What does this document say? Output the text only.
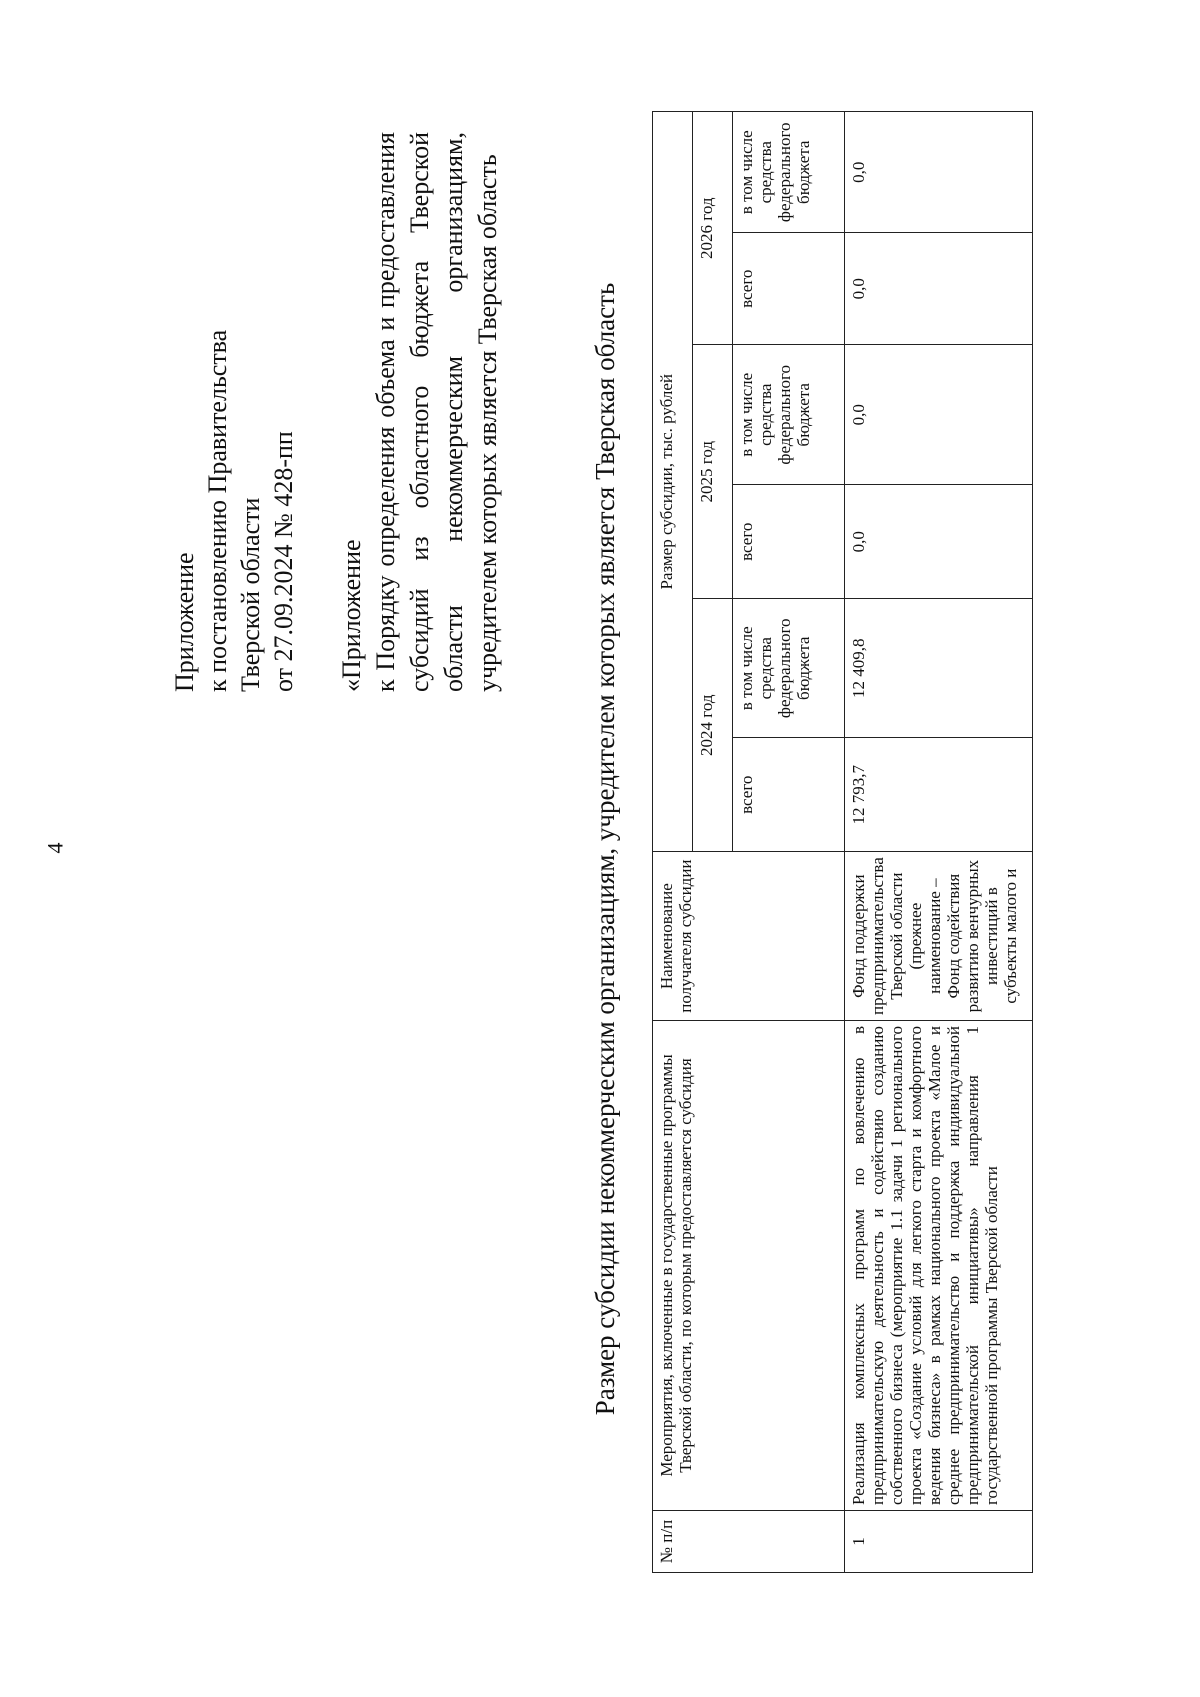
4
Приложение к постановлению Правительства Тверской области от 27.09.2024 № 428-пп «Приложение к Порядку определения объема и предоставления субсидий из областного бюджета Тверской области некоммерческим организациям, учредителем которых является Тверская область	Размер субсидии некоммерческим организациям, учредителем которых является Тверская область
№ п/п	Мероприятия, включенные в государственные программы Тверской области, по которым предоставляется субсидия	Наименование получателя субсидии	Размер субсидии, тыс. рублей					
			2024 год		2025 год		2026 год	
			всего	в том числе средства федерального бюджета	всего	в том числе средства федерального бюджета	всего	в том числе средства федерального бюджета
1	Реализация комплексных программ по вовлечению в предпринимательскую деятельность и содействию созданию собственного бизнеса (мероприятие 1.1 задачи 1 регионального проекта «Создание условий для легкого старта и комфортного ведения бизнеса» в рамках национального проекта «Малое и среднее предпринимательство и поддержка индивидуальной предпринимательской инициативы» направления 1 государственной программы Тверской области	Фонд поддержки предпринимательства Тверской области (прежнее наименование – Фонд содействия развитию венчурных инвестиций в субъекты малого и	12 793,7	12 409,8	0,0	0,0	0,0	0,0
